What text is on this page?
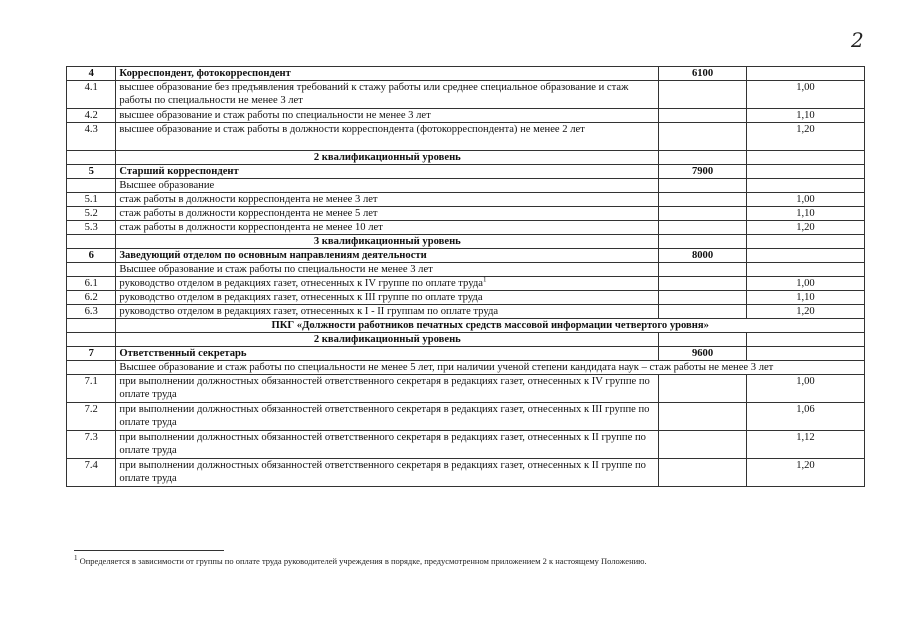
2
4	Корреспондент, фотокорреспондент	6100	
4.1	высшее образование без предъявления требований к стажу работы или среднее специальное образование и стаж работы по специальности не менее 3 лет		1,00
4.2	высшее образование и стаж работы по специальности не менее 3 лет		1,10
4.3	высшее образование и стаж работы в должности корреспондента (фотокорреспондента) не менее 2 лет		1,20
	2 квалификационный уровень		
5	Старший корреспондент	7900	
	Высшее образование		
5.1	стаж работы в должности корреспондента не менее 3 лет		1,00
5.2	стаж работы в должности корреспондента не менее 5 лет		1,10
5.3	стаж работы в должности корреспондента не менее 10 лет		1,20
	3 квалификационный уровень		
6	Заведующий отделом по основным направлениям деятельности	8000	
	Высшее образование и стаж работы по специальности не менее 3 лет		
6.1	руководство отделом в редакциях газет, отнесенных к IV группе по оплате труда$^1$		1,00
6.2	руководство отделом в редакциях газет, отнесенных к III группе по оплате труда		1,10
6.3	руководство отделом в редакциях газет, отнесенных к I - II группам по оплате труда		1,20
	ПКГ «Должности работников печатных средств массовой информации четвертого уровня»		
	2 квалификационный уровень		
7	Ответственный секретарь	9600	
	Высшее образование и стаж работы по специальности не менее 5 лет, при наличии ученой степени кандидата наук – стаж работы не менее 3 лет		
7.1	при выполнении должностных обязанностей ответственного секретаря в редакциях газет, отнесенных к IV группе по оплате труда		1,00
7.2	при выполнении должностных обязанностей ответственного секретаря в редакциях газет, отнесенных к III группе по оплате труда		1,06
7.3	при выполнении должностных обязанностей ответственного секретаря в редакциях газет, отнесенных к II группе по оплате труда		1,12
7.4	при выполнении должностных обязанностей ответственного секретаря в редакциях газет, отнесенных к II группе по оплате труда		1,20
$^1$ Определяется в зависимости от группы по оплате труда руководителей учреждения в порядке, предусмотренном приложением 2 к настоящему Положению.
